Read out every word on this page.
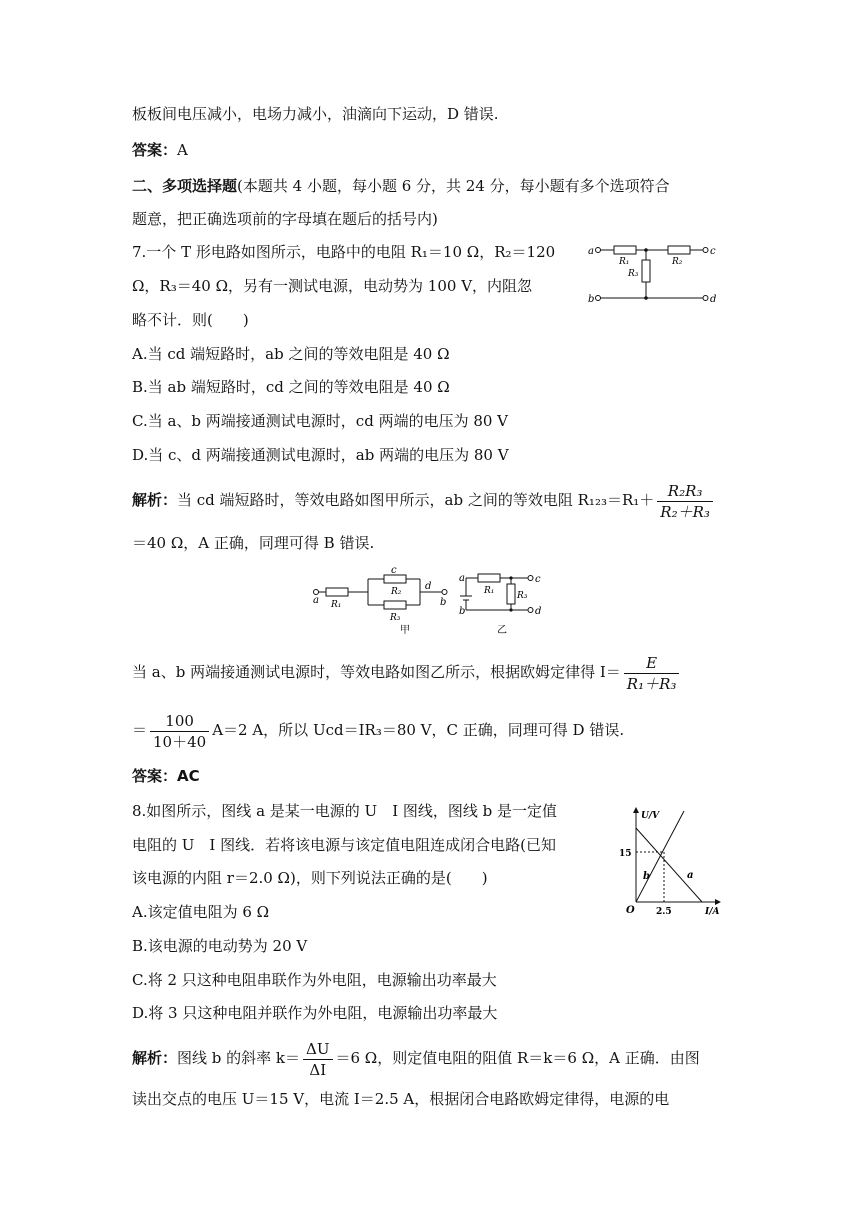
板板间电压减小，电场力减小，油滴向下运动，D 错误.
答案：A
二、多项选择题(本题共 4 小题，每小题 6 分，共 24 分，每小题有多个选项符合
题意，把正确选项前的字母填在题后的括号内)
7.一个 T 形电路如图所示，电路中的电阻 R₁＝10 Ω，R₂＝120
Ω，R₃＝40 Ω，另有一测试电源，电动势为 100 V，内阻忽
略不计．则(　　)
A.当 cd 端短路时，ab 之间的等效电阻是 40 Ω
B.当 ab 端短路时，cd 之间的等效电阻是 40 Ω
C.当 a、b 两端接通测试电源时，cd 两端的电压为 80 V
D.当 c、d 两端接通测试电源时，ab 两端的电压为 80 V
a
b
c
d
R₁	R₂
R₃
解析：当 cd 端短路时，等效电路如图甲所示，ab 之间的等效电阻 $R_{123}=R_1+ \frac{\text{R₂R₃}}{\text{R₂＋R₃}}$
＝40 Ω，A 正确，同理可得 B 错误.
a R₁
c
R₂
R₃
d
b
甲
a
b
c
d
R₁	R₃
乙
当 a、b 两端接通测试电源时，等效电路如图乙所示，根据欧姆定律得 $I= \frac{E}{\text{R₁＋R₃}}$
＝ $\frac{100}{10+40} A=2$ A，所以 Ucd＝IR₃＝80 V，C 正确，同理可得 D 错误.
答案：AC
8.如图所示，图线 a 是某一电源的 U　I 图线，图线 b 是一定值
电阻的 U　I 图线．若将该电源与该定值电阻连成闭合电路(已知
该电源的内阻 r＝2.0 Ω)，则下列说法正确的是(　　)
A.该定值电阻为 6 Ω
B.该电源的电动势为 20 V
C.将 2 只这种电阻串联作为外电阻，电源输出功率最大
D.将 3 只这种电阻并联作为外电阻，电源输出功率最大
U/V
I/A
O
15
2.5
a
b
解析：图线 b 的斜率 $k= \frac{\Delta U}{\Delta I} =6$ Ω，则定值电阻的阻值 R＝k＝6 Ω，A 正确．由图
读出交点的电压 U＝15 V，电流 I＝2.5 A，根据闭合电路欧姆定律得，电源的电
